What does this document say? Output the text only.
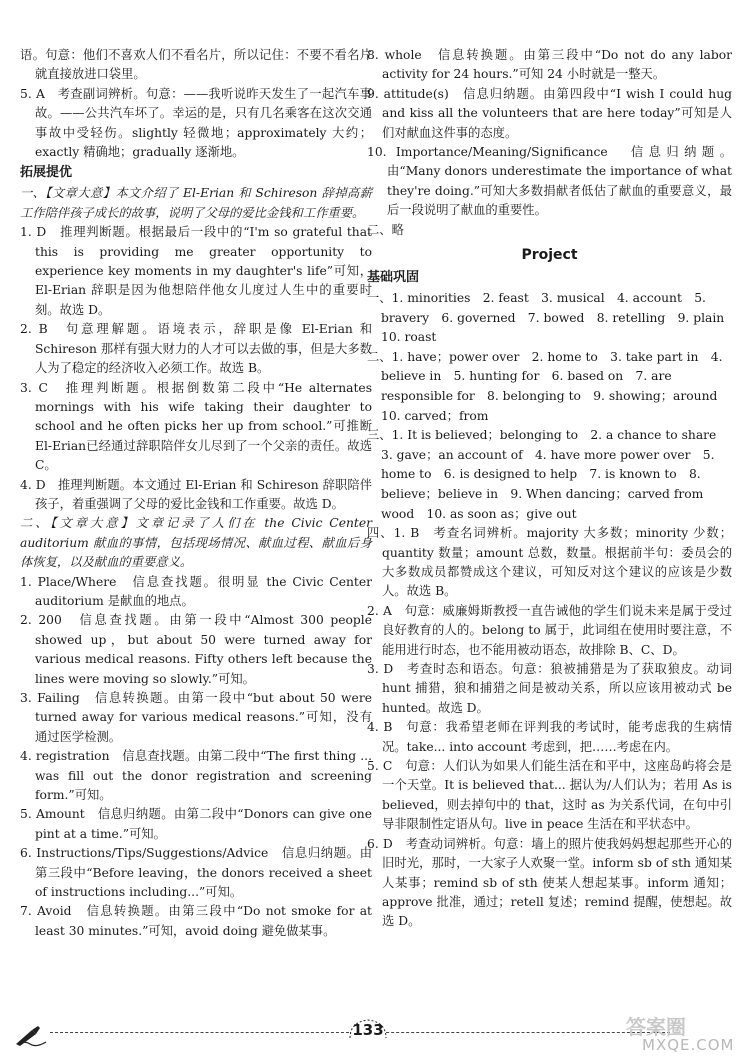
语。句意：他们不喜欢人们不看名片，所以记住：不要不看名片就直接放进口袋里。

5. A　考查副词辨析。句意：——我听说昨天发生了一起汽车事故。——公共汽车坏了。幸运的是，只有几名乘客在这次交通事故中受轻伤。slightly 轻微地；approximately 大约；exactly 精确地；gradually 逐渐地。

拓展提优

一、【文章大意】本文介绍了 El-Erian 和 Schireson 辞掉高薪工作陪伴孩子成长的故事，说明了父母的爱比金钱和工作重要。

1. D　推理判断题。根据最后一段中的“I'm so grateful that this is providing me greater opportunity to experience key moments in my daughter's life”可知，El-Erian 辞职是因为他想陪伴他女儿度过人生中的重要时刻。故选 D。

2. B　句意理解题。语境表示，辞职是像 El-Erian 和 Schireson 那样有强大财力的人才可以去做的事，但是大多数人为了稳定的经济收入必须工作。故选 B。

3. C　推理判断题。根据倒数第二段中“He alternates mornings with his wife taking their daughter to school and he often picks her up from school.”可推断 El-Erian已经通过辞职陪伴女儿尽到了一个父亲的责任。故选 C。

4. D　推理判断题。本文通过 El-Erian 和 Schireson 辞职陪伴孩子，着重强调了父母的爱比金钱和工作重要。故选 D。

二、【文章大意】文章记录了人们在 the Civic Center auditorium 献血的事情，包括现场情况、献血过程、献血后身体恢复，以及献血的重要意义。

1. Place/Where　信息查找题。很明显 the Civic Center auditorium 是献血的地点。

2. 200　信息查找题。由第一段中“Almost 300 people showed up，but about 50 were turned away for various medical reasons. Fifty others left because the lines were moving so slowly.”可知。

3. Failing　信息转换题。由第一段中“but about 50 were turned away for various medical reasons.”可知，没有通过医学检测。

4. registration　信息查找题。由第二段中“The first thing ... was fill out the donor registration and screening form.”可知。

5. Amount　信息归纳题。由第二段中“Donors can give one pint at a time.”可知。

6. Instructions/Tips/Suggestions/Advice　信息归纳题。由第三段中“Before leaving，the donors received a sheet of instructions including...”可知。

7. Avoid　信息转换题。由第三段中“Do not smoke for at least 30 minutes.”可知，avoid doing 避免做某事。

8. whole　信息转换题。由第三段中“Do not do any labor activity for 24 hours.”可知 24 小时就是一整天。

9. attitude(s)　信息归纳题。由第四段中“I wish I could hug and kiss all the volunteers that are here today”可知是人们对献血这件事的态度。

10. Importance/Meaning/Significance　信息归纳题。由“Many donors underestimate the importance of what they're doing.”可知大多数捐献者低估了献血的重要意义，最后一段说明了献血的重要性。

二、略

Project
基础巩固

一、1. minorities　2. feast　3. musical　4. account　5. bravery　6. governed　7. bowed　8. retelling　9. plain　10. roast

二、1. have；power over　2. home to　3. take part in　4. believe in　5. hunting for　6. based on　7. are responsible for　8. belonging to　9. showing；around　10. carved；from

三、1. It is believed；belonging to　2. a chance to share　3. gave；an account of　4. have more power over　5. home to　6. is designed to help　7. is known to　8. believe；believe in　9. When dancing；carved from wood　10. as soon as；give out

四、1. B　考查名词辨析。majority 大多数；minority 少数；quantity 数量；amount 总数，数量。根据前半句：委员会的大多数成员都赞成这个建议，可知反对这个建议的应该是少数人。故选 B。

2. A　句意：威廉姆斯教授一直告诫他的学生们说未来是属于受过良好教育的人的。belong to 属于，此词组在使用时要注意，不能用进行时态，也不能用被动语态，故排除 B、C、D。

3. D　考查时态和语态。句意：狼被捕猎是为了获取狼皮。动词 hunt 捕猎，狼和捕猎之间是被动关系，所以应该用被动式 be hunted。故选 D。

4. B　句意：我希望老师在评判我的考试时，能考虑我的生病情况。take... into account 考虑到，把……考虑在内。

5. C　句意：人们认为如果人们能生活在和平中，这座岛屿将会是一个天堂。It is believed that... 据认为/人们认为；若用 As is believed，则去掉句中的 that，这时 as 为关系代词，在句中引导非限制性定语从句。live in peace 生活在和平状态中。

6. D　考查动词辨析。句意：墙上的照片使我妈妈想起那些开心的旧时光，那时，一大家子人欢聚一堂。inform sb of sth 通知某人某事；remind sb of sth 使某人想起某事。inform 通知；approve 批准，通过；retell 复述；remind 提醒，使想起。故选 D。

133	答案圈
MXQE.COM
